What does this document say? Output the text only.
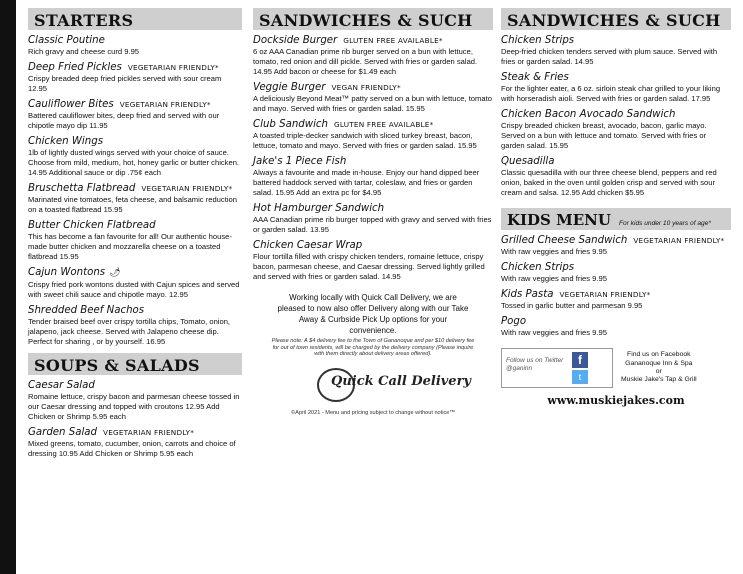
STARTERS
Classic Poutine
Rich gravy and cheese curd 9.95
Deep Fried Pickles VEGETARIAN FRIENDLY*
Crispy breaded deep fried pickles served with sour cream 12.95
Cauliflower Bites VEGETARIAN FRIENDLY*
Battered cauliflower bites, deep fried and served with our chipotle mayo dip 11.95
Chicken Wings
1lb of lightly dusted wings served with your choice of sauce. Choose from mild, medium, hot, honey garlic or butter chicken. 14.95 Additional sauce or dip .75¢ each
Bruschetta Flatbread VEGETARIAN FRIENDLY*
Marinated vine tomatoes, feta cheese, and balsamic reduction on a toasted flatbread 15.95
Butter Chicken Flatbread
This has become a fan favourite for all! Our authentic house-made butter chicken and mozzarella cheese on a toasted flatbread 15.95
Cajun Wontons 🌶
Crispy fried pork wontons dusted with Cajun spices and served with sweet chili sauce and chipotle mayo. 12.95
Shredded Beef Nachos
Tender braised beef over crispy tortilla chips, Tomato, onion, jalapeno, jack cheese. Served with Jalapeno cheese dip. Perfect for sharing , or by yourself. 16.95
SOUPS & SALADS
Caesar Salad
Romaine lettuce, crispy bacon and parmesan cheese tossed in our Caesar dressing and topped with croutons 12.95 Add Chicken or Shrimp 5.95 each
Garden Salad VEGETARIAN FRIENDLY*
Mixed greens, tomato, cucumber, onion, carrots and choice of dressing 10.95 Add Chicken or Shrimp 5.95 each
SANDWICHES & SUCH
Dockside Burger GLUTEN FREE AVAILABLE*
6 oz AAA Canadian prime rib burger served on a bun with lettuce, tomato, red onion and dill pickle. Served with fries or garden salad. 14.95 Add bacon or cheese for $1.49 each
Veggie Burger VEGAN FRIENDLY*
A deliciously Beyond Meat™ patty served on a bun with lettuce, tomato and mayo. Served with fries or garden salad. 15.95
Club Sandwich GLUTEN FREE AVAILABLE*
A toasted triple-decker sandwich with sliced turkey breast, bacon, lettuce, tomato and mayo. Served with fries or garden salad. 15.95
Jake's 1 Piece Fish
Always a favourite and made in-house. Enjoy our hand dipped beer battered haddock served with tartar, coleslaw, and fries or garden salad. 15.95 Add an extra pc for $4.95
Hot Hamburger Sandwich
AAA Canadian prime rib burger topped with gravy and served with fries or garden salad. 13.95
Chicken Caesar Wrap
Flour tortilla filled with crispy chicken tenders, romaine lettuce, crispy bacon, parmesan cheese, and Caesar dressing. Served lightly grilled and served with fries or garden salad. 14.95
Working locally with Quick Call Delivery, we are pleased to now also offer Delivery along with our Take Away & Curbside Pick Up options for your convenience.
Please note: A $4 delivery fee to the Town of Gananoque and per $10 delivery fee for out of town residents, will be charged by the delivery company (Please inquire with them directly about delivery areas offered).
Quick Call Delivery
©April 2021 - Menu and pricing subject to change without notice™
SANDWICHES & SUCH
Chicken Strips
Deep-fried chicken tenders served with plum sauce. Served with fries or garden salad. 14.95
Steak & Fries
For the lighter eater, a 6 oz. sirloin steak char grilled to your liking with horseradish aioli. Served with fries or garden salad. 17.95
Chicken Bacon Avocado Sandwich
Crispy breaded chicken breast, avocado, bacon, garlic mayo. Served on a bun with lettuce and tomato. Served with fries or garden salad. 15.95
Quesadilla
Classic quesadilla with our three cheese blend, peppers and red onion, baked in the oven until golden crisp and served with sour cream and salsa. 12.95 Add chicken $5.95
KIDS MENU For kids under 10 years of age*
Grilled Cheese Sandwich VEGETARIAN FRIENDLY*
With raw veggies and fries 9.95
Chicken Strips
With raw veggies and fries 9.95
Kids Pasta VEGETARIAN FRIENDLY*
Tossed in garlic butter and parmesan 9.95
Pogo
With raw veggies and fries 9.95
Follow us on Twitter @ganinn
f
t
Find us on Facebook
Gananoque Inn & Spa
or
Muskie Jake's Tap & Grill
www.muskiejakes.com
